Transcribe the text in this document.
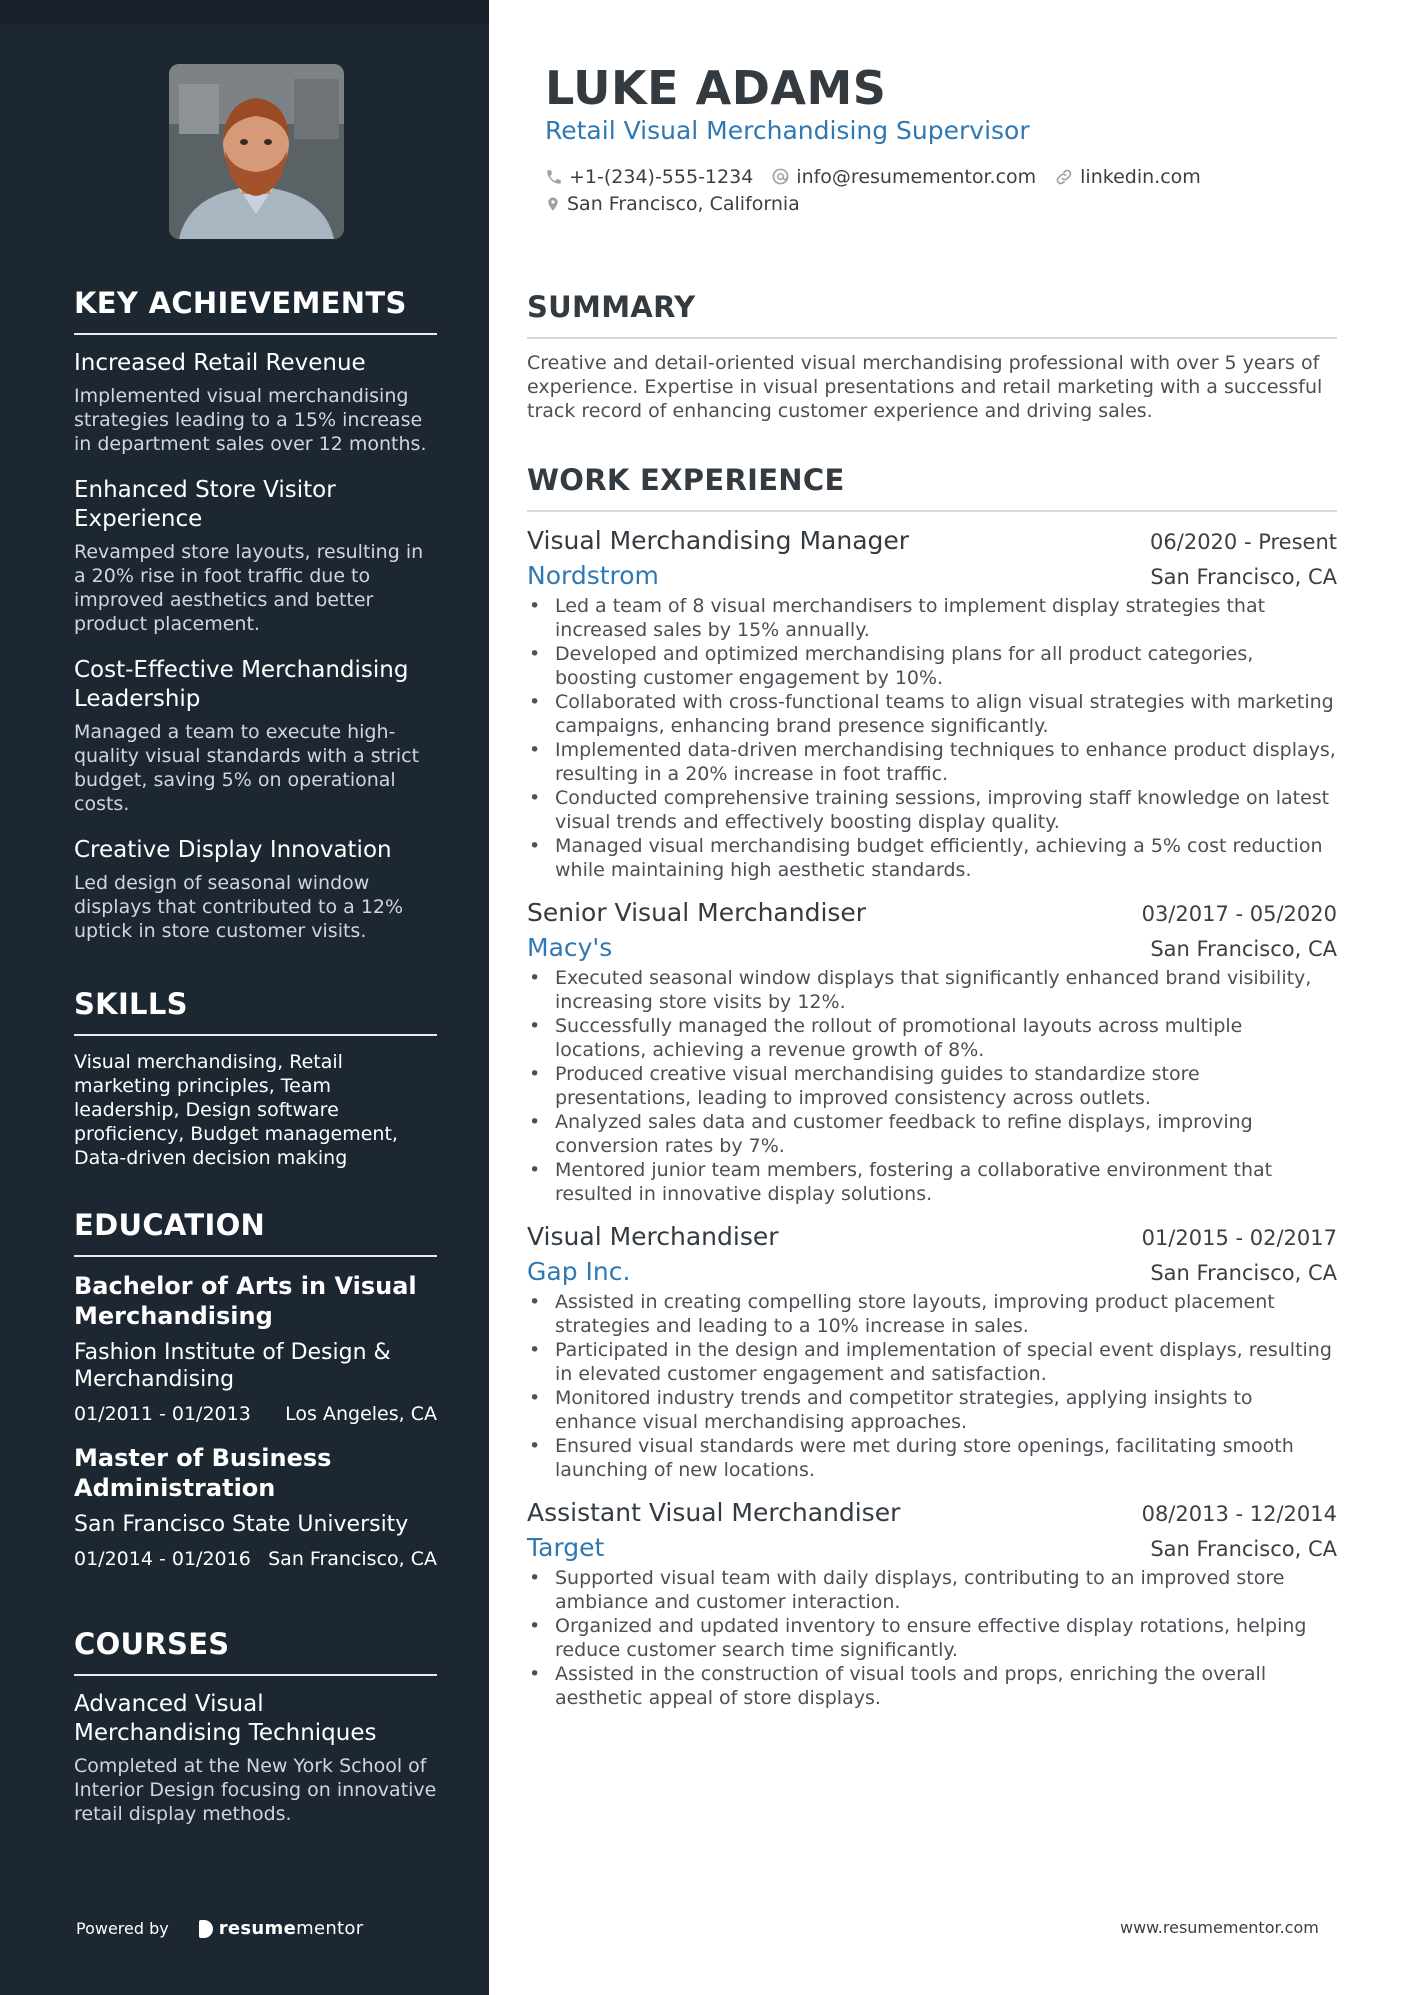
KEY ACHIEVEMENTS

Increased Retail Revenue

Implemented visual merchandising strategies leading to a 15% increase in department sales over 12 months.

Enhanced Store Visitor Experience

Revamped store layouts, resulting in a 20% rise in foot traffic due to improved aesthetics and better product placement.

Cost-Effective Merchandising Leadership

Managed a team to execute high-quality visual standards with a strict budget, saving 5% on operational costs.

Creative Display Innovation

Led design of seasonal window displays that contributed to a 12% uptick in store customer visits.

SKILLS

Visual merchandising, Retail marketing principles, Team leadership, Design software proficiency, Budget management, Data-driven decision making

EDUCATION

Bachelor of Arts in Visual Merchandising

Fashion Institute of Design & Merchandising

01/2011 - 01/2013 Los Angeles, CA

Master of Business Administration

San Francisco State University

01/2014 - 01/2016 San Francisco, CA
COURSES

Advanced Visual Merchandising Techniques

Completed at the New York School of Interior Design focusing on innovative retail display methods.

Powered by	resume mentor
LUKE ADAMS

Retail Visual Merchandising Supervisor

+1-(234)-555-1234 info@resumementor.com linkedin.com
San Francisco, California
SUMMARY

Creative and detail-oriented visual merchandising professional with over 5 years of experience. Expertise in visual presentations and retail marketing with a successful track record of enhancing customer experience and driving sales.

WORK EXPERIENCE
Visual Merchandising Manager	06/2020 - Present
Nordstrom	San Francisco, CA
• Led a team of 8 visual merchandisers to implement display strategies that increased sales by 15% annually.
• Developed and optimized merchandising plans for all product categories, boosting customer engagement by 10%.
• Collaborated with cross-functional teams to align visual strategies with marketing campaigns, enhancing brand presence significantly.
• Implemented data-driven merchandising techniques to enhance product displays, resulting in a 20% increase in foot traffic.
• Conducted comprehensive training sessions, improving staff knowledge on latest visual trends and effectively boosting display quality.
• Managed visual merchandising budget efficiently, achieving a 5% cost reduction while maintaining high aesthetic standards.
Senior Visual Merchandiser	03/2017 - 05/2020
Macy's	San Francisco, CA
• Executed seasonal window displays that significantly enhanced brand visibility, increasing store visits by 12%.
• Successfully managed the rollout of promotional layouts across multiple locations, achieving a revenue growth of 8%.
• Produced creative visual merchandising guides to standardize store presentations, leading to improved consistency across outlets.
• Analyzed sales data and customer feedback to refine displays, improving conversion rates by 7%.
• Mentored junior team members, fostering a collaborative environment that resulted in innovative display solutions.
Visual Merchandiser	01/2015 - 02/2017
Gap Inc.	San Francisco, CA
• Assisted in creating compelling store layouts, improving product placement strategies and leading to a 10% increase in sales.
• Participated in the design and implementation of special event displays, resulting in elevated customer engagement and satisfaction.
• Monitored industry trends and competitor strategies, applying insights to enhance visual merchandising approaches.
• Ensured visual standards were met during store openings, facilitating smooth launching of new locations.
Assistant Visual Merchandiser	08/2013 - 12/2014
Target	San Francisco, CA
• Supported visual team with daily displays, contributing to an improved store ambiance and customer interaction.
• Organized and updated inventory to ensure effective display rotations, helping reduce customer search time significantly.
• Assisted in the construction of visual tools and props, enriching the overall aesthetic appeal of store displays.
www.resumementor.com
